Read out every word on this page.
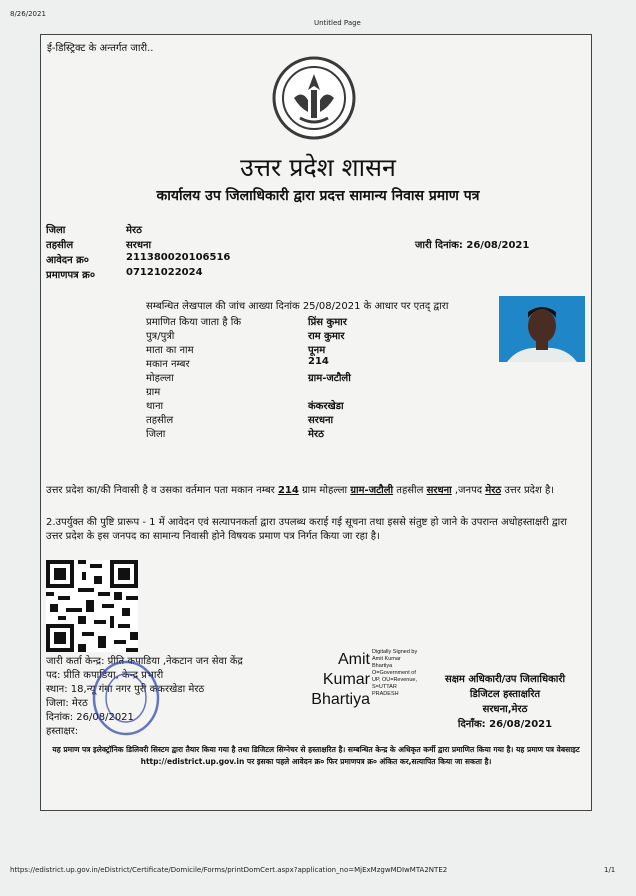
8/26/2021
Untitled Page
ई-डिस्ट्रिक्ट के अन्तर्गत जारी..
उत्तर प्रदेश शासन
कार्यालय उप जिलाधिकारी द्वारा प्रदत्त सामान्य निवास प्रमाण पत्र
जिला	मेरठ
तहसील	सरधना
आवेदन क्र०	211380020106516
प्रमाणपत्र क्र०	07121022024
जारी दिनांक: 26/08/2021
सम्बन्धित लेखपाल की जांच आख्या दिनांक 25/08/2021 के आधार पर एतद् द्वारा
प्रमाणित किया जाता है कि	प्रिंस कुमार
पुत्र/पुत्री	राम कुमार
माता का नाम	पूनम
मकान नम्बर	214
मोहल्ला	ग्राम-जटौली
ग्राम
थाना	कंकरखेडा
तहसील	सरधना
जिला	मेरठ
उत्तर प्रदेश का/की निवासी है व उसका वर्तमान पता मकान नम्बर 214 ग्राम मोहल्ला ग्राम-जटौली तहसील सरधना ,जनपद मेरठ उत्तर प्रदेश है।
2.उपर्युक्त की पुष्टि प्रारूप - 1 में आवेदन एवं सत्यापनकर्ता द्वारा उपलब्ध कराई गई सूचना तथा इससे संतुष्ट हो जाने के उपरान्त अधोहस्ताक्षरी द्वारा उत्तर प्रदेश के इस जनपद का सामान्य निवासी होने विषयक प्रमाण पत्र निर्गत किया जा रहा है।
जारी कर्ता केन्द्र: प्रीति कपाडिया ,नेकटान जन सेवा केंद्र
पद: प्रीति कपाडिया, केन्द्र प्रभारी
स्थान: 18,न्यू गंगा नगर पुरी ककरखेडा मेरठ
जिला: मेरठ
दिनांक: 26/08/2021
हस्ताक्षर:
Amit
Kumar
Bhartiya
Digitally Signed by Amit Kumar Bhartiya O=Government of UP, OU=Revenue, S=UTTAR PRADESH
सक्षम अधिकारी/उप जिलाधिकारी
डिजिटल हस्ताक्षरित
सरधना,मेरठ
दिनाँक: 26/08/2021
यह प्रमाण पत्र इलेक्ट्रॉनिक डिलिवरी सिस्टम द्वारा तैयार किया गया है तथा डिजिटल सिग्नेचर से हस्ताक्षरित है। सम्बन्धित केन्द्र के अधिकृत कर्मी द्वारा प्रमाणित किया गया है। यह प्रमाण पत्र वेबसाइट http://edistrict.up.gov.in पर इसका पहले आवेदन क्र० फिर प्रमाणपत्र क्र० अंकित कर,सत्यापित किया जा सकता है।
https://edistrict.up.gov.in/eDistrict/Certificate/Domicile/Forms/printDomCert.aspx?application_no=MjExMzgwMDIwMTA2NTE2	1/1
